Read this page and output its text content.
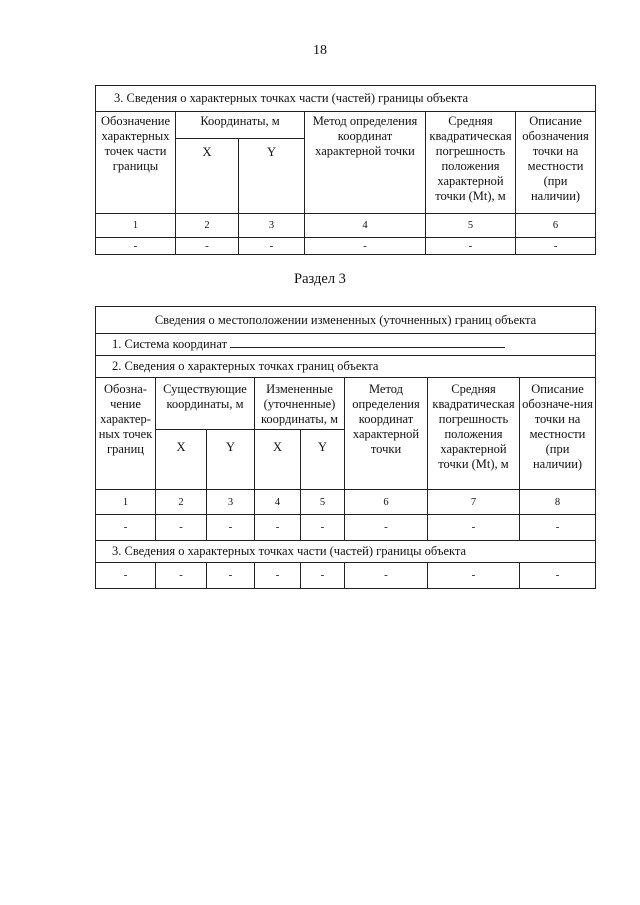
18
3. Сведения о характерных точках части (частей) границы объекта					
Обозначение характерных точек части границы	Координаты, м		Метод определения координат характерной точки	Средняя квадратическая погрешность положения характерной точки (Mt), м	Описание обозначения точки на местности (при наличии)
	X	Y			
1	2	3	4	5	6
-	-	-	-	-	-
Раздел 3
Сведения о местоположении измененных (уточненных) границ объекта							
1. Система координат							
2. Сведения о характерных точках границ объекта							
Обозна-чение характер-ных точек границ	Существующие координаты, м		Измененные (уточненные) координаты, м		Метод определения координат характерной точки	Средняя квадратическая погрешность положения характерной точки (Mt), м	Описание обозначе-ния точки на местности (при наличии)
	X	Y	X	Y			
1	2	3	4	5	6	7	8
-	-	-	-	-	-	-	-
3. Сведения о характерных точках части (частей) границы объекта							
-	-	-	-	-	-	-	-
